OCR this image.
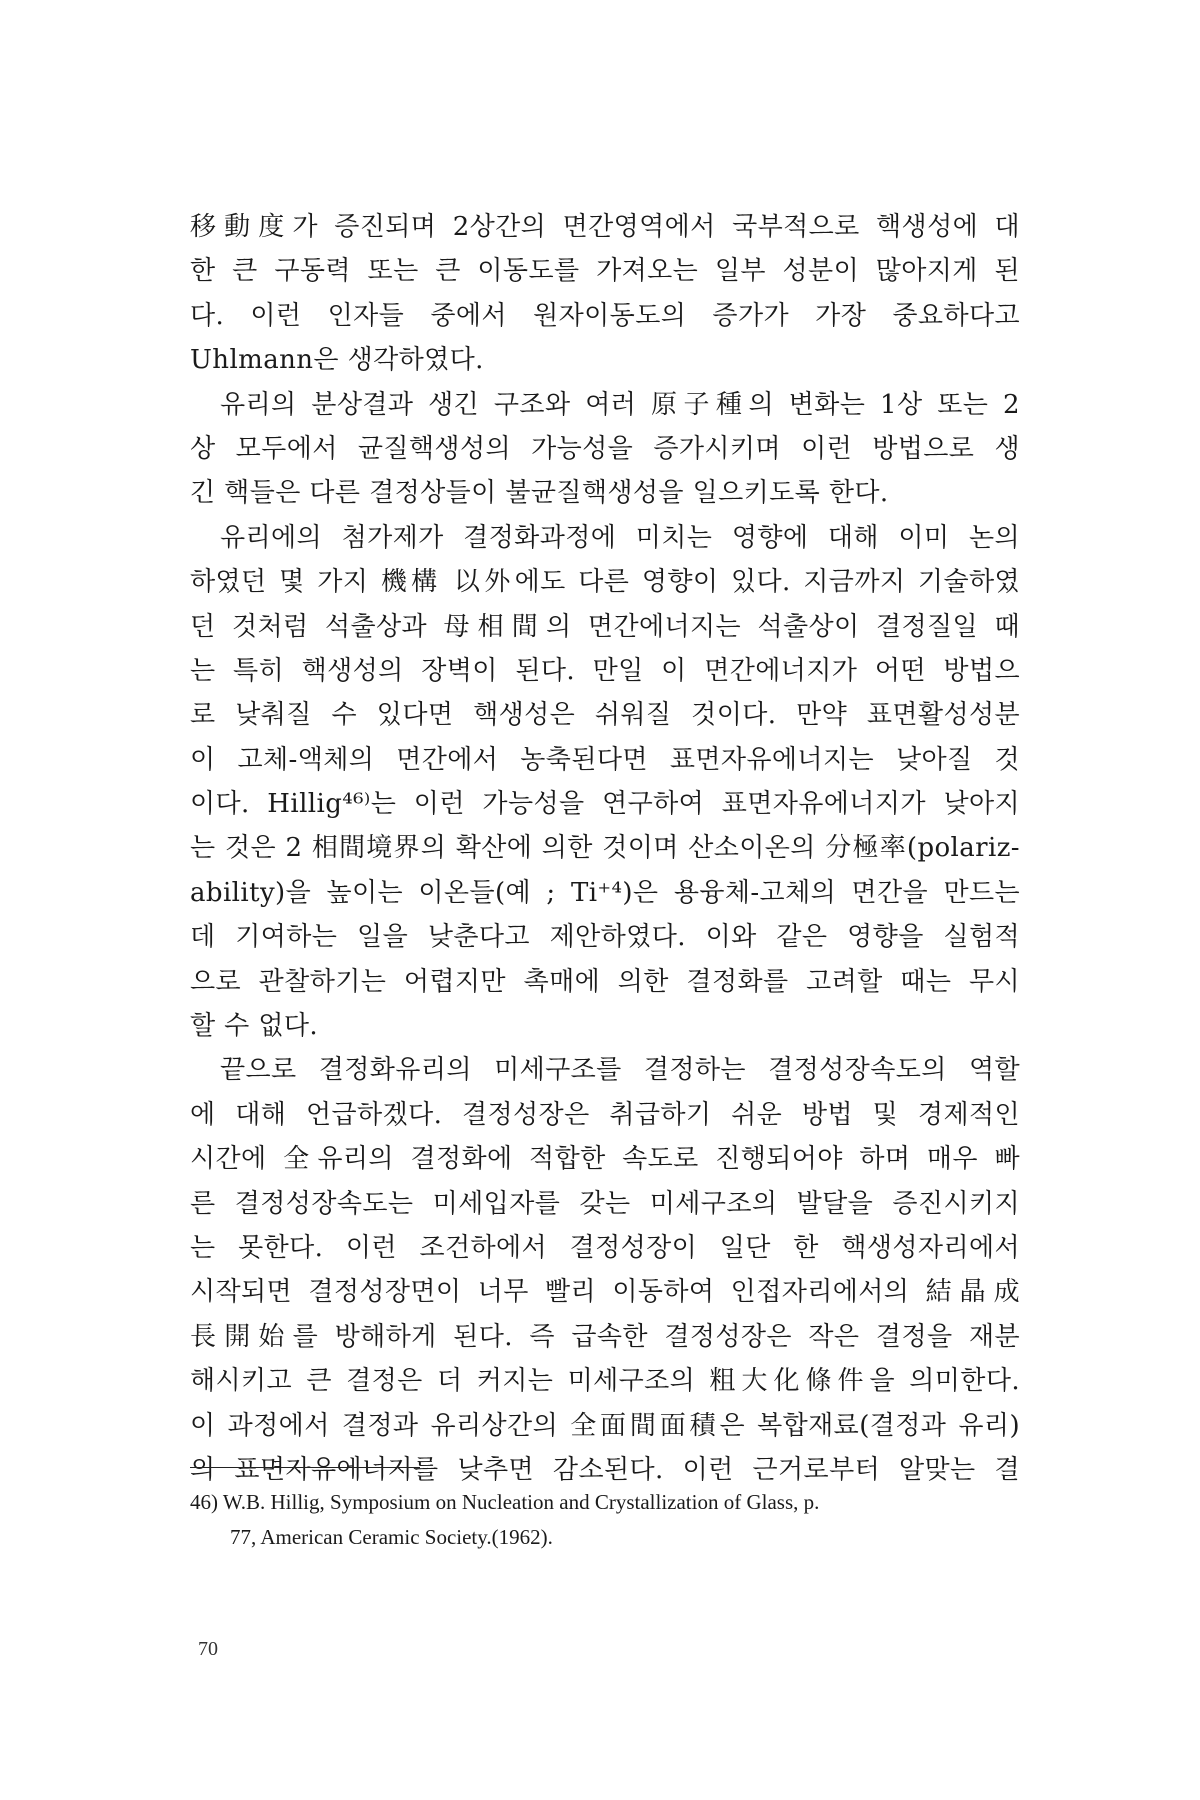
移動度가 증진되며 2상간의 면간영역에서 국부적으로 핵생성에 대
한 큰 구동력 또는 큰 이동도를 가져오는 일부 성분이 많아지게 된
다. 이런 인자들 중에서 원자이동도의 증가가 가장 중요하다고
Uhlmann은 생각하였다.
유리의 분상결과 생긴 구조와 여러 原子種의 변화는 1상 또는 2
상 모두에서 균질핵생성의 가능성을 증가시키며 이런 방법으로 생
긴 핵들은 다른 결정상들이 불균질핵생성을 일으키도록 한다.
유리에의 첨가제가 결정화과정에 미치는 영향에 대해 이미 논의
하였던 몇 가지 機構 以外에도 다른 영향이 있다. 지금까지 기술하였
던 것처럼 석출상과 母相間의 면간에너지는 석출상이 결정질일 때
는 특히 핵생성의 장벽이 된다. 만일 이 면간에너지가 어떤 방법으
로 낮춰질 수 있다면 핵생성은 쉬워질 것이다. 만약 표면활성성분
이 고체-액체의 면간에서 농축된다면 표면자유에너지는 낮아질 것
이다. Hillig⁴⁶⁾는 이런 가능성을 연구하여 표면자유에너지가 낮아지
는 것은 2 相間境界의 확산에 의한 것이며 산소이온의 分極率(polariz-
ability)을 높이는 이온들(예 ; Ti⁺⁴)은 용융체-고체의 면간을 만드는
데 기여하는 일을 낮춘다고 제안하였다. 이와 같은 영향을 실험적
으로 관찰하기는 어렵지만 촉매에 의한 결정화를 고려할 때는 무시
할 수 없다.
끝으로 결정화유리의 미세구조를 결정하는 결정성장속도의 역할
에 대해 언급하겠다. 결정성장은 취급하기 쉬운 방법 및 경제적인
시간에 全유리의 결정화에 적합한 속도로 진행되어야 하며 매우 빠
른 결정성장속도는 미세입자를 갖는 미세구조의 발달을 증진시키지
는 못한다. 이런 조건하에서 결정성장이 일단 한 핵생성자리에서
시작되면 결정성장면이 너무 빨리 이동하여 인접자리에서의 結晶成
長開始를 방해하게 된다. 즉 급속한 결정성장은 작은 결정을 재분
해시키고 큰 결정은 더 커지는 미세구조의 粗大化條件을 의미한다.
이 과정에서 결정과 유리상간의 全面間面積은 복합재료(결정과 유리)
의 표면자유에너지를 낮추면 감소된다. 이런 근거로부터 알맞는 결
46) W.B. Hillig, Symposium on Nucleation and Crystallization of Glass, p.
77, American Ceramic Society.(1962).
70
